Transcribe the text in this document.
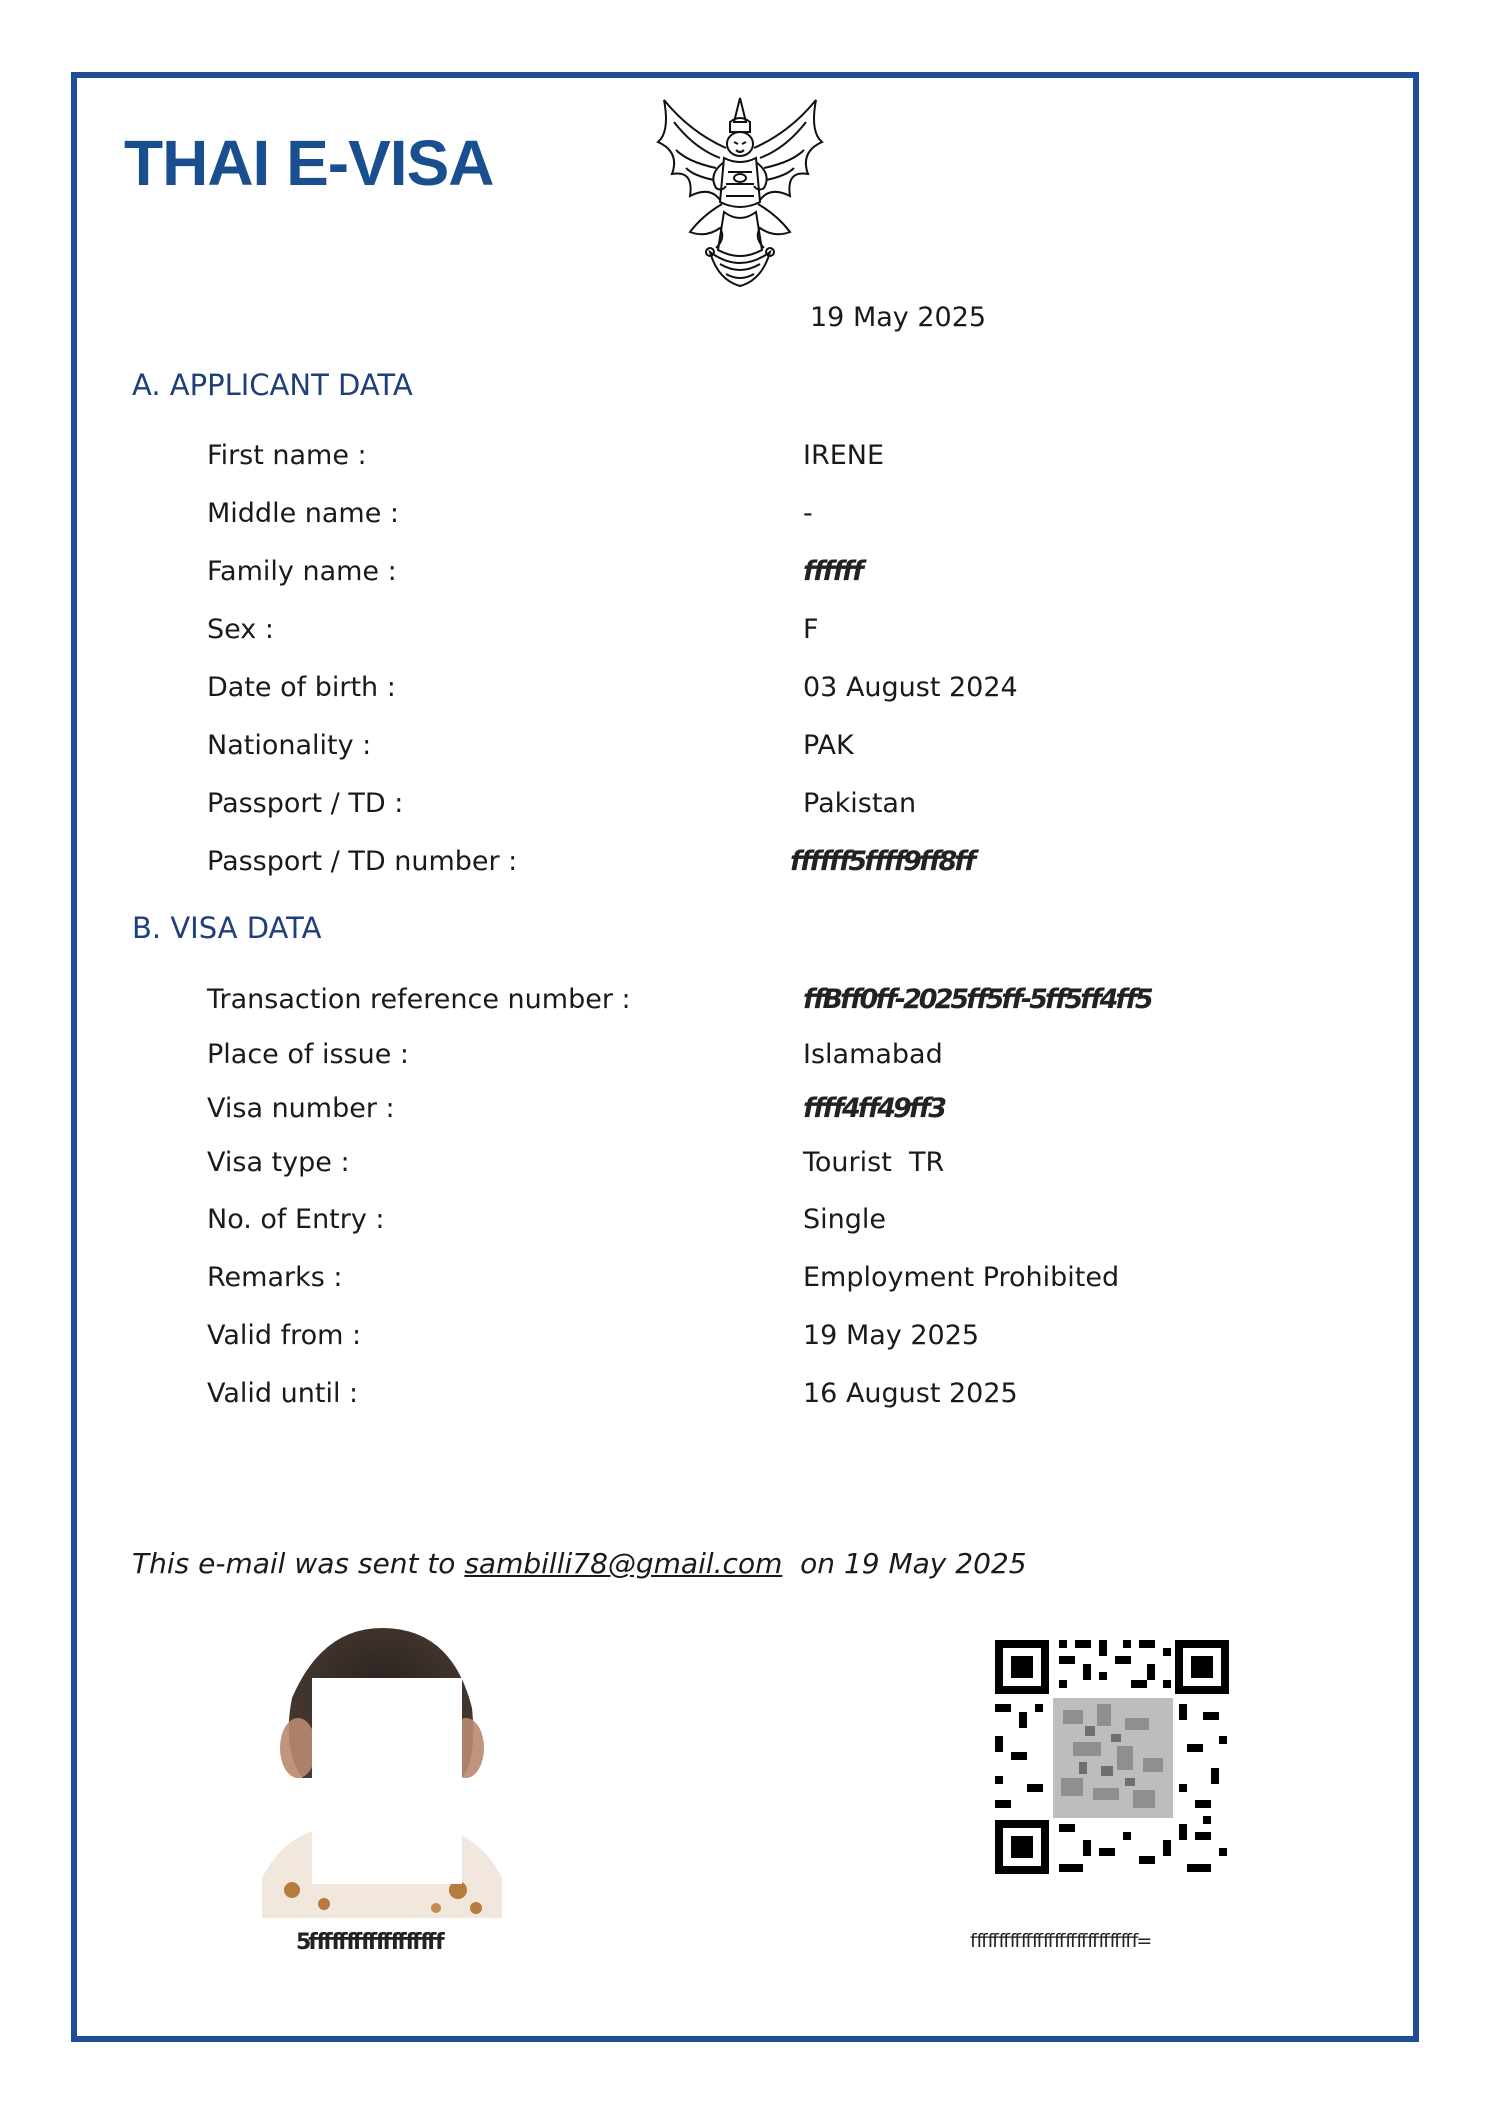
THAI E-VISA
19 May 2025
A. APPLICANT DATA
First name :	IRENE
Middle name :	-
Family name :	ﬀﬀﬀ
Sex :	F
Date of birth :	03 August 2024
Nationality :	PAK
Passport / TD :	Pakistan
Passport / TD number :	ﬀﬀﬀ5ﬀﬀ9ﬀ8ﬀ
B. VISA DATA
Transaction reference number :	ﬀBﬀ0ﬀ-2025ﬀ5ﬀ-5ﬀ5ﬀ4ﬀ5
Place of issue :	Islamabad
Visa number :	ﬀﬀ4ﬀ49ﬀ3
Visa type :	Tourist  TR
No. of Entry :	Single
Remarks :	Employment Prohibited
Valid from :	19 May 2025
Valid until :	16 August 2025
This e-mail was sent to sambilli78@gmail.com  on 19 May 2025
5ﬀﬀﬀﬀﬀﬀﬀﬀﬀ	ﬀﬀﬀﬀﬀﬀﬀﬀﬀﬀﬀﬀﬀﬀﬀ=
